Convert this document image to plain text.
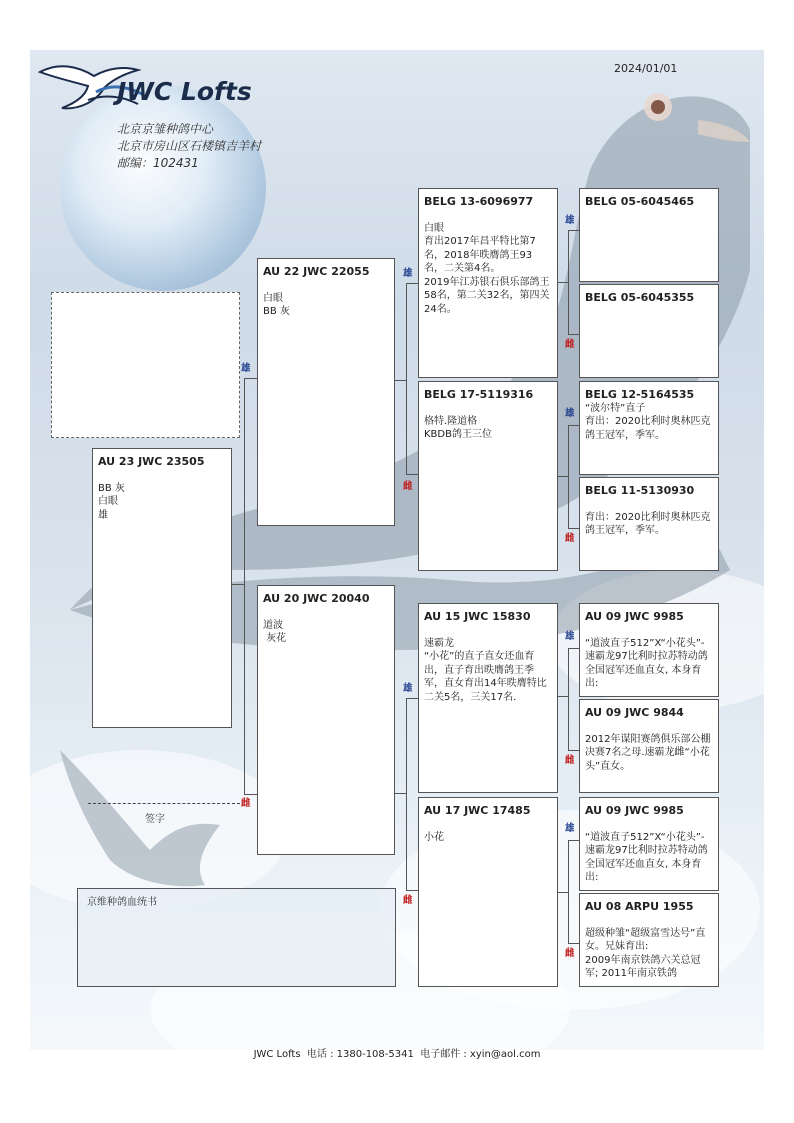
JWC Lofts
北京京雏种鸽中心
北京市房山区石楼镇吉羊村
邮编：102431
2024/01/01
雄
雌
雄
雌
雄
雌
雄
雌
雄
雌
雄
雌
雄
雌
AU 23 JWC 23505
BB 灰
白眼
雄
AU 22 JWC 22055
白眼
BB 灰
AU 20 JWC 20040
道波
灰花
BELG 13-6096977
白眼
育出2017年昌平特比第7名，2018年昳膺鸽王93名，二关第4名。
2019年江苏银石俱乐部鸽王58名，第二关32名，第四关24名。
BELG 17-5119316
格特.隆道格
KBDB鸽王三位
AU 15 JWC 15830
速霸龙
“小花”的直子直女还血育出，直子育出昳膺鸽王季军，直女育出14年昳膺特比二关5名，三关17名.
AU 17 JWC 17485
小花
BELG 05-6045465
BELG 05-6045355
BELG 12-5164535
“波尔特”直子
育出：2020比利时奥林匹克鸽王冠军，季军。
BELG 11-5130930
育出：2020比利时奥林匹克鸽王冠军，季军。
AU 09 JWC 9985
“道波直子512”X“小花头”-速霸龙97比利时拉苏特动鸽全国冠军还血直女, 本身育出:
AU 09 JWC 9844
2012年谋阳赛鸽俱乐部公棚决赛7名之母.速霸龙雌“小花头”直女。
AU 09 JWC 9985
“道波直子512”X“小花头”-速霸龙97比利时拉苏特动鸽全国冠军还血直女, 本身育出:
AU 08 ARPU 1955
超级种雏“超级富雪达号”直女。兄妹育出:
2009年南京铁鸽六关总冠军; 2011年南京铁鸽
签字
京维种鸽血统书
JWC Lofts  电话 : 1380-108-5341  电子邮件 : xyin@aol.com
